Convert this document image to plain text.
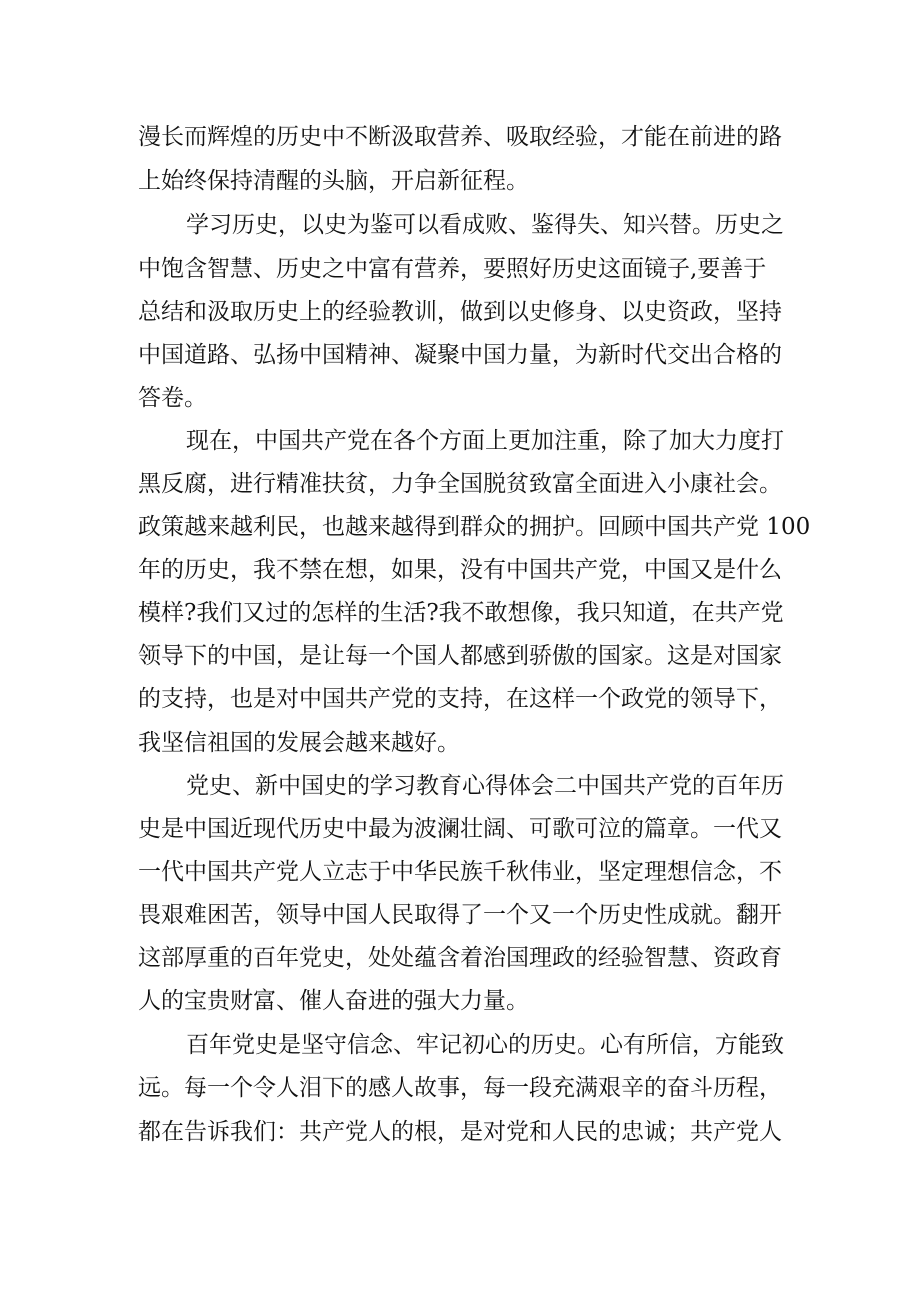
漫长而辉煌的历史中不断汲取营养、吸取经验，才能在前进的路
上始终保持清醒的头脑，开启新征程。
学习历史，以史为鉴可以看成败、鉴得失、知兴替。历史之
中饱含智慧、历史之中富有营养，要照好历史这面镜子,要善于
总结和汲取历史上的经验教训，做到以史修身、以史资政，坚持
中国道路、弘扬中国精神、凝聚中国力量，为新时代交出合格的
答卷。
现在，中国共产党在各个方面上更加注重，除了加大力度打
黑反腐，进行精准扶贫，力争全国脱贫致富全面进入小康社会。
政策越来越利民，也越来越得到群众的拥护。回顾中国共产党 100
年的历史，我不禁在想，如果，没有中国共产党，中国又是什么
模样?我们又过的怎样的生活?我不敢想像，我只知道，在共产党
领导下的中国，是让每一个国人都感到骄傲的国家。这是对国家
的支持，也是对中国共产党的支持，在这样一个政党的领导下，
我坚信祖国的发展会越来越好。
党史、新中国史的学习教育心得体会二中国共产党的百年历
史是中国近现代历史中最为波澜壮阔、可歌可泣的篇章。一代又
一代中国共产党人立志于中华民族千秋伟业，坚定理想信念，不
畏艰难困苦，领导中国人民取得了一个又一个历史性成就。翻开
这部厚重的百年党史，处处蕴含着治国理政的经验智慧、资政育
人的宝贵财富、催人奋进的强大力量。
百年党史是坚守信念、牢记初心的历史。心有所信，方能致
远。每一个令人泪下的感人故事，每一段充满艰辛的奋斗历程，
都在告诉我们：共产党人的根，是对党和人民的忠诚；共产党人
